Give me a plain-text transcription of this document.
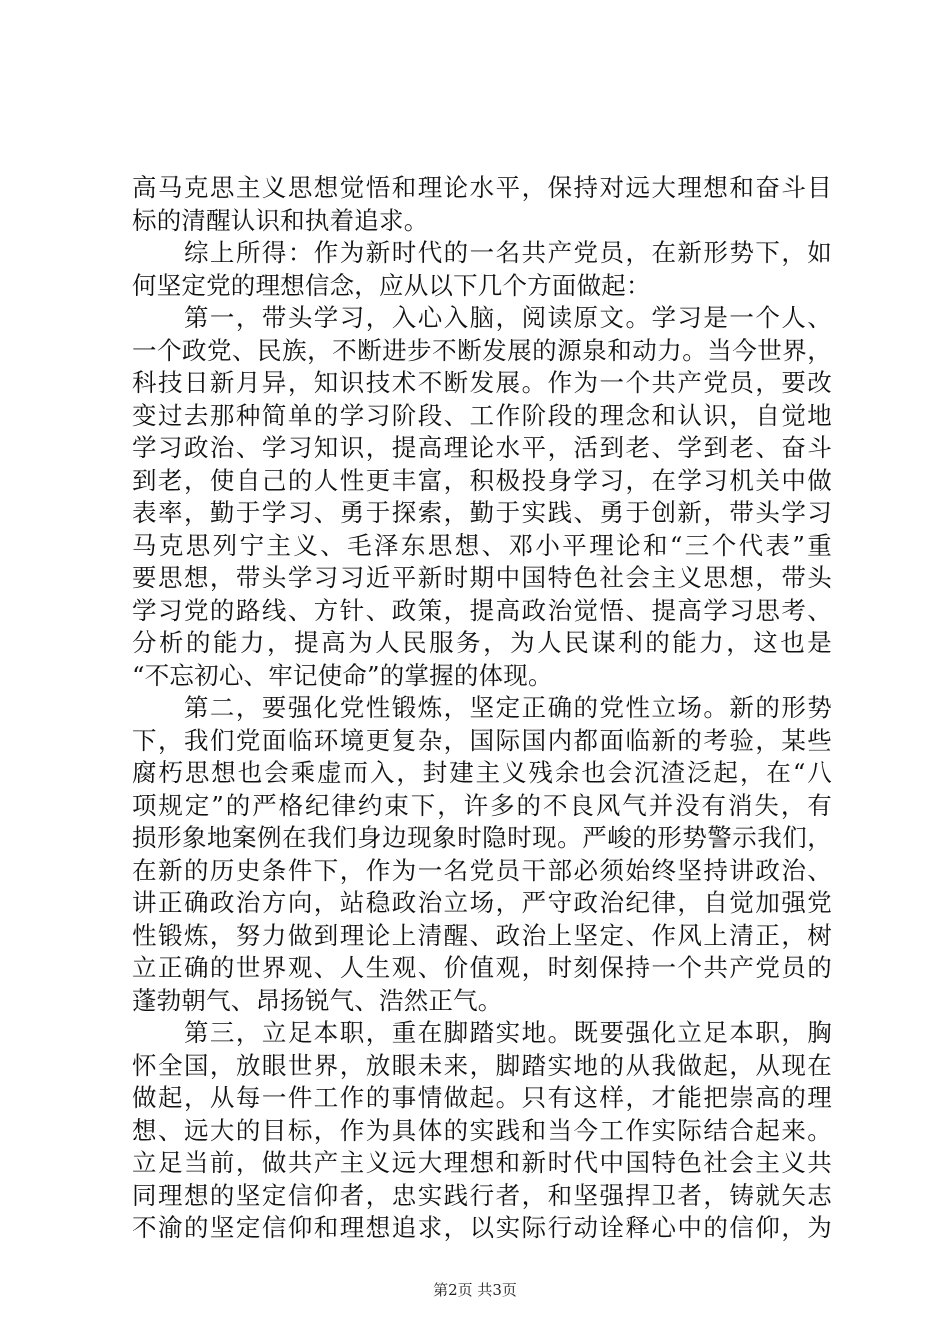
高马克思主义思想觉悟和理论水平，保持对远大理想和奋斗目
标的清醒认识和执着追求。
　　综上所得：作为新时代的一名共产党员，在新形势下，如
何坚定党的理想信念，应从以下几个方面做起：
　　第一，带头学习，入心入脑，阅读原文。学习是一个人、
一个政党、民族，不断进步不断发展的源泉和动力。当今世界，
科技日新月异，知识技术不断发展。作为一个共产党员，要改
变过去那种简单的学习阶段、工作阶段的理念和认识，自觉地
学习政治、学习知识，提高理论水平，活到老、学到老、奋斗
到老，使自己的人性更丰富，积极投身学习，在学习机关中做
表率，勤于学习、勇于探索，勤于实践、勇于创新，带头学习
马克思列宁主义、毛泽东思想、邓小平理论和“三个代表”重
要思想，带头学习习近平新时期中国特色社会主义思想，带头
学习党的路线、方针、政策，提高政治觉悟、提高学习思考、
分析的能力，提高为人民服务，为人民谋利的能力，这也是
“不忘初心、牢记使命”的掌握的体现。
　　第二，要强化党性锻炼，坚定正确的党性立场。新的形势
下，我们党面临环境更复杂，国际国内都面临新的考验，某些
腐朽思想也会乘虚而入，封建主义残余也会沉渣泛起，在“八
项规定”的严格纪律约束下，许多的不良风气并没有消失，有
损形象地案例在我们身边现象时隐时现。严峻的形势警示我们，
在新的历史条件下，作为一名党员干部必须始终坚持讲政治、
讲正确政治方向，站稳政治立场，严守政治纪律，自觉加强党
性锻炼，努力做到理论上清醒、政治上坚定、作风上清正，树
立正确的世界观、人生观、价值观，时刻保持一个共产党员的
蓬勃朝气、昂扬锐气、浩然正气。
　　第三，立足本职，重在脚踏实地。既要强化立足本职，胸
怀全国，放眼世界，放眼未来，脚踏实地的从我做起，从现在
做起，从每一件工作的事情做起。只有这样，才能把崇高的理
想、远大的目标，作为具体的实践和当今工作实际结合起来。
立足当前，做共产主义远大理想和新时代中国特色社会主义共
同理想的坚定信仰者，忠实践行者，和坚强捍卫者，铸就矢志
不渝的坚定信仰和理想追求，以实际行动诠释心中的信仰，为
第2页 共3页
